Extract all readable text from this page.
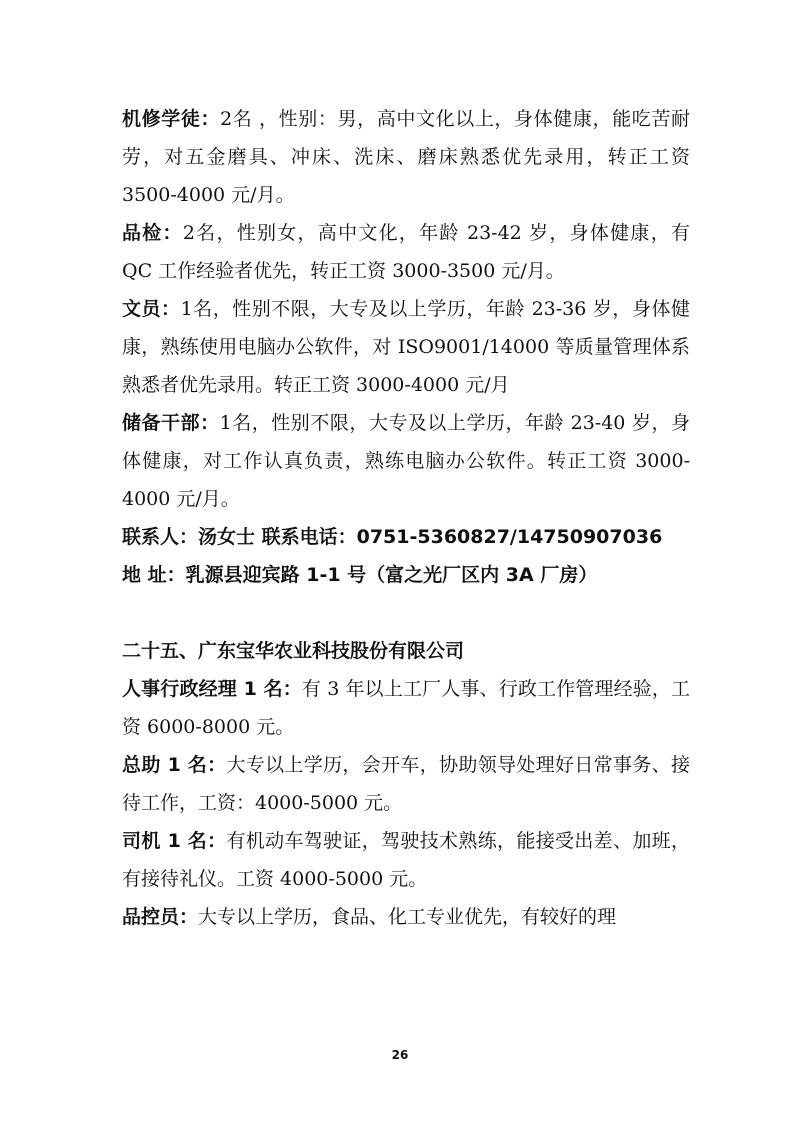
机修学徒：2名 ，性别：男，高中文化以上，身体健康，能吃苦耐劳，对五金磨具、冲床、洗床、磨床熟悉优先录用，转正工资 3500-4000 元/月。

品检：2名，性别女，高中文化，年龄 23-42 岁，身体健康，有 QC 工作经验者优先，转正工资 3000-3500 元/月。

文员：1名，性别不限，大专及以上学历，年龄 23-36 岁，身体健康，熟练使用电脑办公软件，对 ISO9001/14000 等质量管理体系熟悉者优先录用。转正工资 3000-4000 元/月

储备干部：1名，性别不限，大专及以上学历，年龄 23-40 岁，身体健康，对工作认真负责，熟练电脑办公软件。转正工资 3000-4000 元/月。

联系人：汤女士 联系电话：0751-5360827/14750907036

地 址：乳源县迎宾路 1-1 号（富之光厂区内 3A 厂房）

二十五、广东宝华农业科技股份有限公司

人事行政经理 1 名：有 3 年以上工厂人事、行政工作管理经验，工资 6000-8000 元。

总助 1 名：大专以上学历，会开车，协助领导处理好日常事务、接待工作，工资：4000-5000 元。

司机 1 名：有机动车驾驶证，驾驶技术熟练，能接受出差、加班，有接待礼仪。工资 4000-5000 元。

品控员：大专以上学历，食品、化工专业优先，有较好的理

26
